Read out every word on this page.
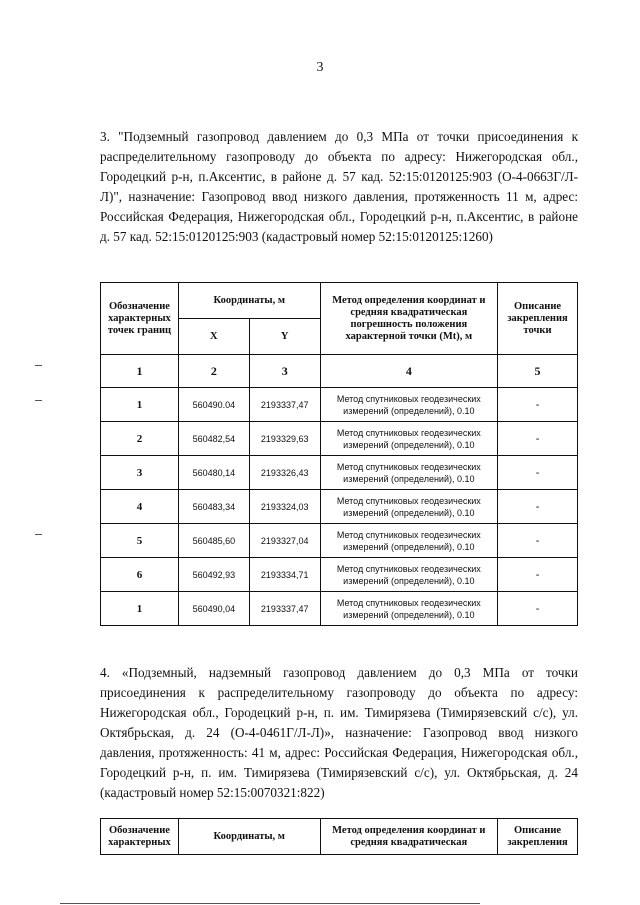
3

3. "Подземный газопровод давлением до 0,3 МПа от точки присоединения к распределительному газопроводу до объекта по адресу: Нижегородская обл., Городецкий р-н, п.Аксентис, в районе д. 57 кад. 52:15:0120125:903 (О-4-0663Г/Л-Л)", назначение: Газопровод ввод низкого давления, протяженность 11 м, адрес: Российская Федерация, Нижегородская обл., Городецкий р-н, п.Аксентис, в районе д. 57 кад. 52:15:0120125:903 (кадастровый номер 52:15:0120125:1260)

Обозначение характерных точек границ	Координаты, м		Метод определения координат и средняя квадратическая погрешность положения характерной точки (Mt), м	Описание закрепления точки
	X	Y		
1	2	3	4	5
1	560490.04	2193337,47	Метод спутниковых геодезических измерений (определений), 0.10	-
2	560482,54	2193329,63	Метод спутниковых геодезических измерений (определений), 0.10	-
3	560480,14	2193326,43	Метод спутниковых геодезических измерений (определений), 0.10	-
4	560483,34	2193324,03	Метод спутниковых геодезических измерений (определений), 0.10	-
5	560485,60	2193327,04	Метод спутниковых геодезических измерений (определений), 0.10	-
6	560492,93	2193334,71	Метод спутниковых геодезических измерений (определений), 0.10	-
1	560490,04	2193337,47	Метод спутниковых геодезических измерений (определений), 0.10	-

4. «Подземный, надземный газопровод давлением до 0,3 МПа от точки присоединения к распределительному газопроводу до объекта по адресу: Нижегородская обл., Городецкий р-н, п. им. Тимирязева (Тимирязевский с/с), ул. Октябрьская, д. 24 (О-4-0461Г/Л-Л)», назначение: Газопровод ввод низкого давления, протяженность: 41 м, адрес: Российская Федерация, Нижегородская обл., Городецкий р-н, п. им. Тимирязева (Тимирязевский с/с), ул. Октябрьская, д. 24 (кадастровый номер 52:15:0070321:822)

Обозначение характерных	Координаты, м	Метод определения координат и средняя квадратическая	Описание закрепления
